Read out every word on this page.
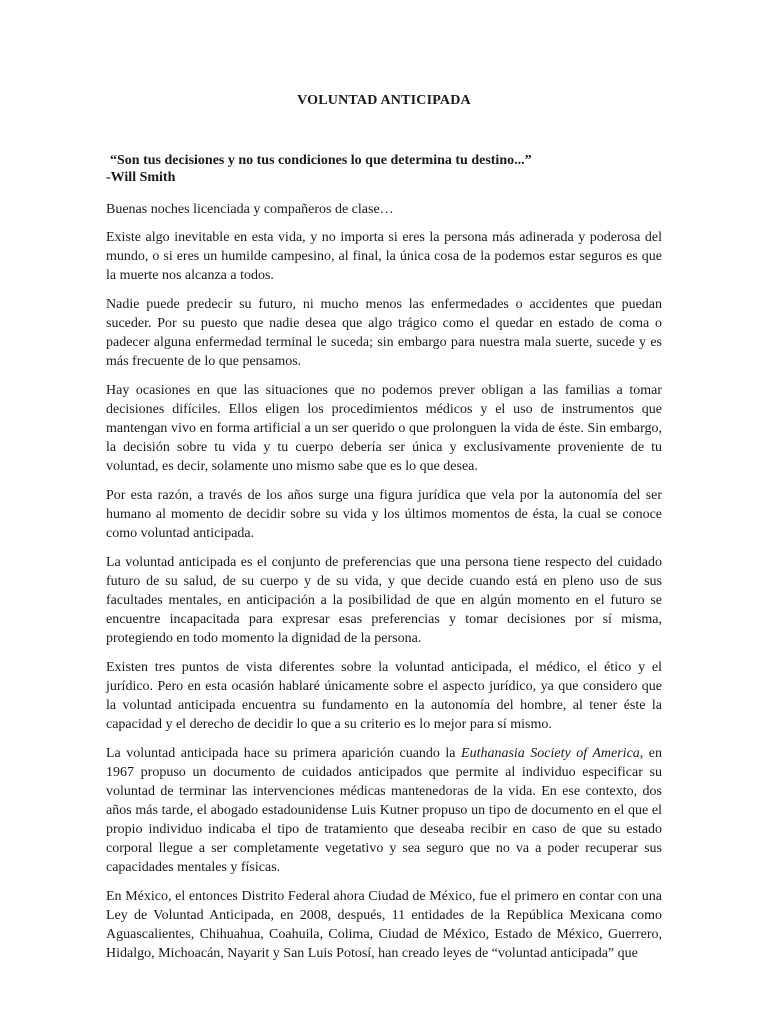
VOLUNTAD ANTICIPADA
“Son tus decisiones y no tus condiciones lo que determina tu destino...”
-Will Smith

Buenas noches licenciada y compañeros de clase…

Existe algo inevitable en esta vida, y no importa si eres la persona más adinerada y poderosa del mundo, o si eres un humilde campesino, al final, la única cosa de la podemos estar seguros es que la muerte nos alcanza a todos.

Nadie puede predecir su futuro, ni mucho menos las enfermedades o accidentes que puedan suceder. Por su puesto que nadie desea que algo trágico como el quedar en estado de coma o padecer alguna enfermedad terminal le suceda; sin embargo para nuestra mala suerte, sucede y es más frecuente de lo que pensamos.

Hay ocasiones en que las situaciones que no podemos prever obligan a las familias a tomar decisiones difíciles. Ellos eligen los procedimientos médicos y el uso de instrumentos que mantengan vivo en forma artificial a un ser querido o que prolonguen la vida de éste. Sin embargo, la decisión sobre tu vida y tu cuerpo debería ser única y exclusivamente proveniente de tu voluntad, es decir, solamente uno mismo sabe que es lo que desea.

Por esta razón, a través de los años surge una figura jurídica que vela por la autonomía del ser humano al momento de decidir sobre su vida y los últimos momentos de ésta, la cual se conoce como voluntad anticipada.

La voluntad anticipada es el conjunto de preferencias que una persona tiene respecto del cuidado futuro de su salud, de su cuerpo y de su vida, y que decide cuando está en pleno uso de sus facultades mentales, en anticipación a la posibilidad de que en algún momento en el futuro se encuentre incapacitada para expresar esas preferencias y tomar decisiones por sí misma, protegiendo en todo momento la dignidad de la persona.

Existen tres puntos de vista diferentes sobre la voluntad anticipada, el médico, el ético y el jurídico. Pero en esta ocasión hablaré únicamente sobre el aspecto jurídico, ya que considero que la voluntad anticipada encuentra su fundamento en la autonomía del hombre, al tener éste la capacidad y el derecho de decidir lo que a su criterio es lo mejor para sí mismo.

La voluntad anticipada hace su primera aparición cuando la Euthanasia Society of America, en 1967 propuso un documento de cuidados anticipados que permite al individuo especificar su voluntad de terminar las intervenciones médicas mantenedoras de la vida. En ese contexto, dos años más tarde, el abogado estadounidense Luis Kutner propuso un tipo de documento en el que el propio individuo indicaba el tipo de tratamiento que deseaba recibir en caso de que su estado corporal llegue a ser completamente vegetativo y sea seguro que no va a poder recuperar sus capacidades mentales y físicas.

En México, el entonces Distrito Federal ahora Ciudad de México, fue el primero en contar con una Ley de Voluntad Anticipada, en 2008, después, 11 entidades de la República Mexicana como Aguascalientes, Chihuahua, Coahuila, Colima, Ciudad de México, Estado de México, Guerrero, Hidalgo, Michoacán, Nayarit y San Luis Potosí, han creado leyes de “voluntad anticipada” que
